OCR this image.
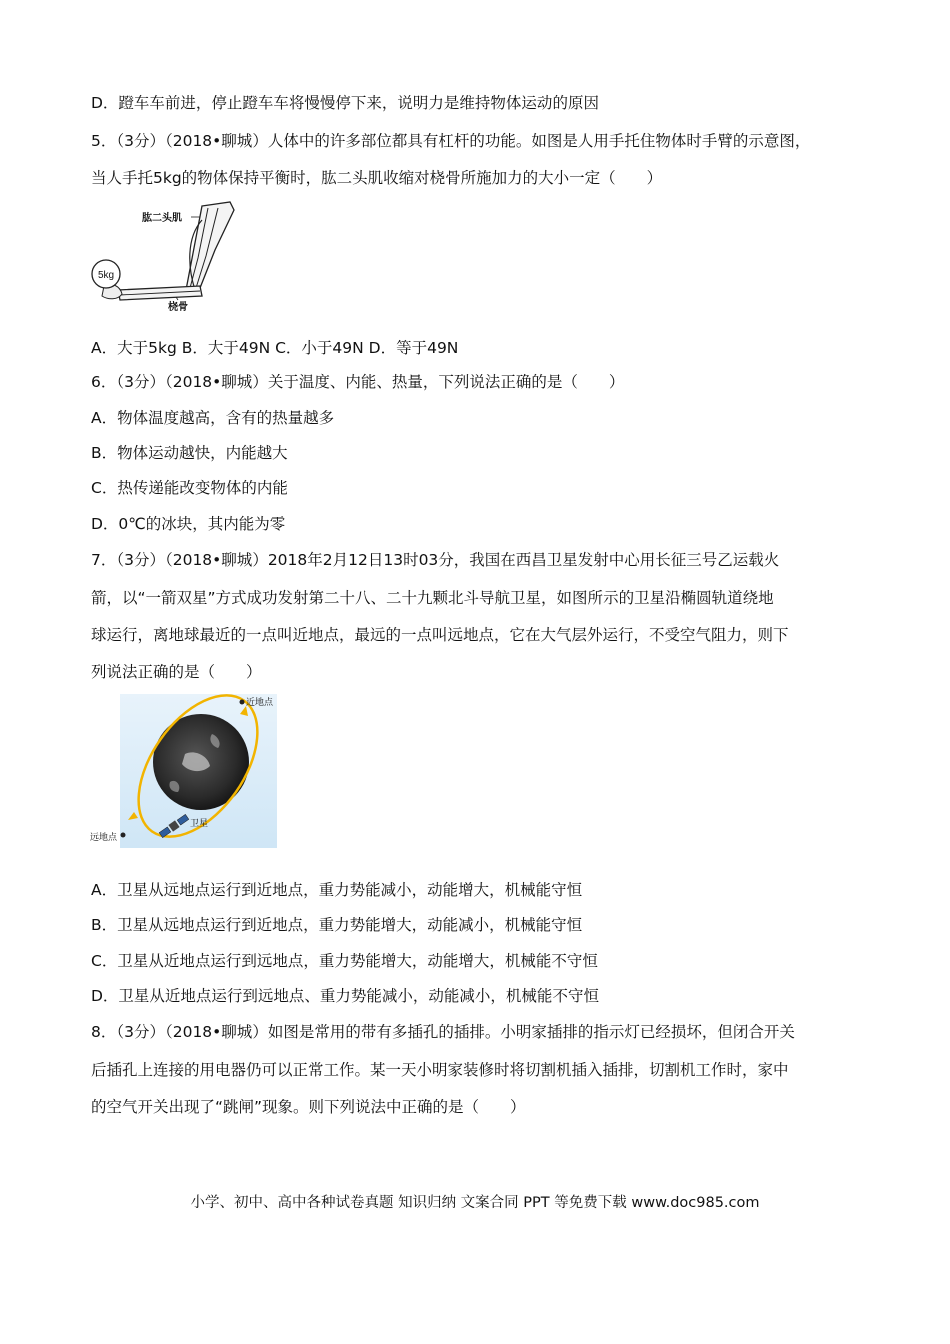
D．蹬车车前进，停止蹬车车将慢慢停下来，说明力是维持物体运动的原因
5．（3分）（2018•聊城）人体中的许多部位都具有杠杆的功能。如图是人用手托住物体时手臂的示意图，
当人手托5kg的物体保持平衡时，肱二头肌收缩对桡骨所施加力的大小一定（　　）
5kg
肱二头肌
桡骨
A．大于5kg B．大于49N C．小于49N D．等于49N
6．（3分）（2018•聊城）关于温度、内能、热量，下列说法正确的是（　　）
A．物体温度越高，含有的热量越多
B．物体运动越快，内能越大
C．热传递能改变物体的内能
D．0℃的冰块，其内能为零
7．（3分）（2018•聊城）2018年2月12日13时03分，我国在西昌卫星发射中心用长征三号乙运载火
箭，以“一箭双星”方式成功发射第二十八、二十九颗北斗导航卫星，如图所示的卫星沿椭圆轨道绕地
球运行，离地球最近的一点叫近地点，最远的一点叫远地点，它在大气层外运行，不受空气阻力，则下
列说法正确的是（　　）
近地点
远地点
卫星
A．卫星从远地点运行到近地点，重力势能减小，动能增大，机械能守恒
B．卫星从远地点运行到近地点，重力势能增大，动能减小，机械能守恒
C．卫星从近地点运行到远地点，重力势能增大，动能增大，机械能不守恒
D．卫星从近地点运行到远地点、重力势能减小，动能减小，机械能不守恒
8．（3分）（2018•聊城）如图是常用的带有多插孔的插排。小明家插排的指示灯已经损坏，但闭合开关
后插孔上连接的用电器仍可以正常工作。某一天小明家装修时将切割机插入插排，切割机工作时，家中
的空气开关出现了“跳闸”现象。则下列说法中正确的是（　　）
小学、初中、高中各种试卷真题 知识归纳 文案合同 PPT 等免费下载 www.doc985.com
